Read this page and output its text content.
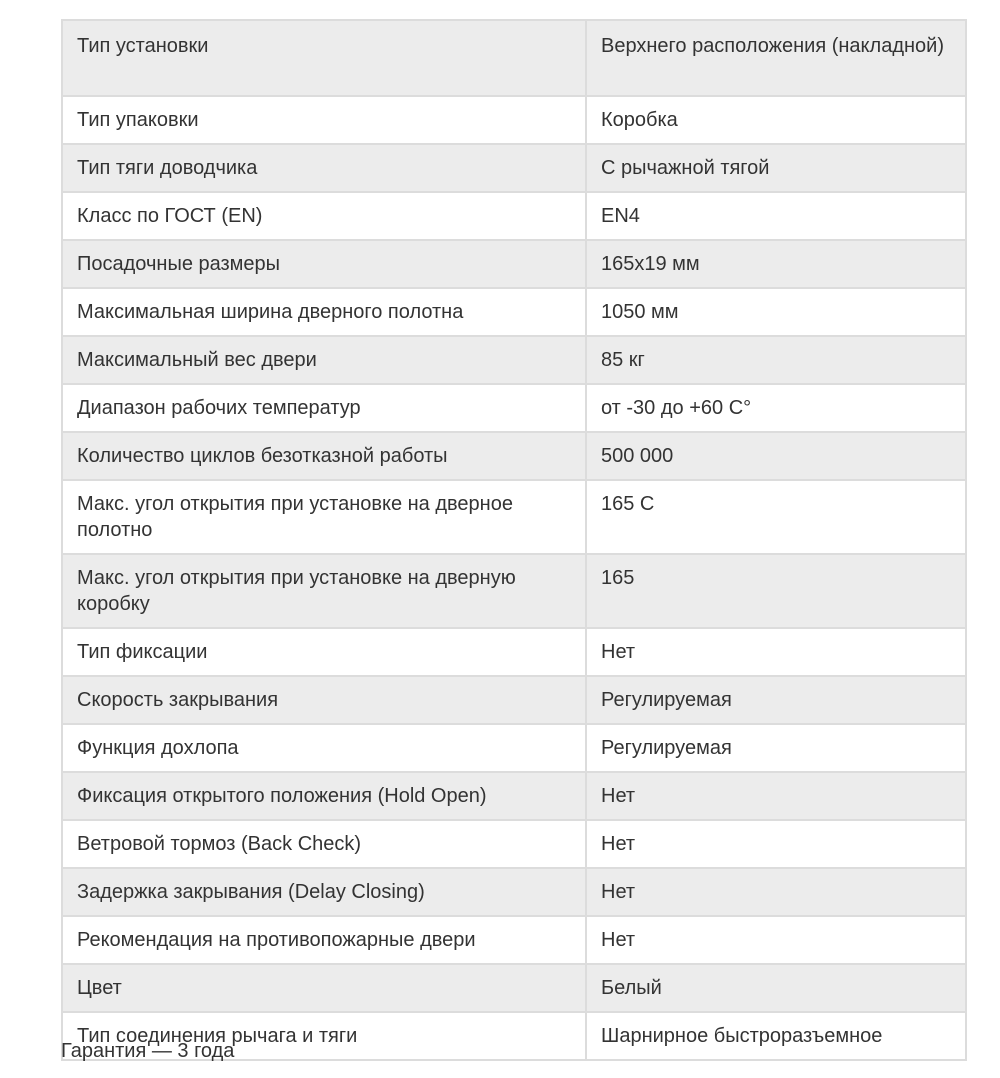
Тип установки	Верхнего расположения (накладной)
Тип упаковки	Коробка
Тип тяги доводчика	С рычажной тягой
Класс по ГОСТ (EN)	EN4
Посадочные размеры	165x19 мм
Максимальная ширина дверного полотна	1050 мм
Максимальный вес двери	85 кг
Диапазон рабочих температур	от -30 до +60 C°
Количество циклов безотказной работы	500 000
Макс. угол открытия при установке на дверное полотно	165 С
Макс. угол открытия при установке на дверную коробку	165
Тип фиксации	Нет
Скорость закрывания	Регулируемая
Функция дохлопа	Регулируемая
Фиксация открытого положения (Hold Open)	Нет
Ветровой тормоз (Back Check)	Нет
Задержка закрывания (Delay Closing)	Нет
Рекомендация на противопожарные двери	Нет
Цвет	Белый
Тип соединения рычага и тяги	Шарнирное быстроразъемное
Гарантия — 3 года
